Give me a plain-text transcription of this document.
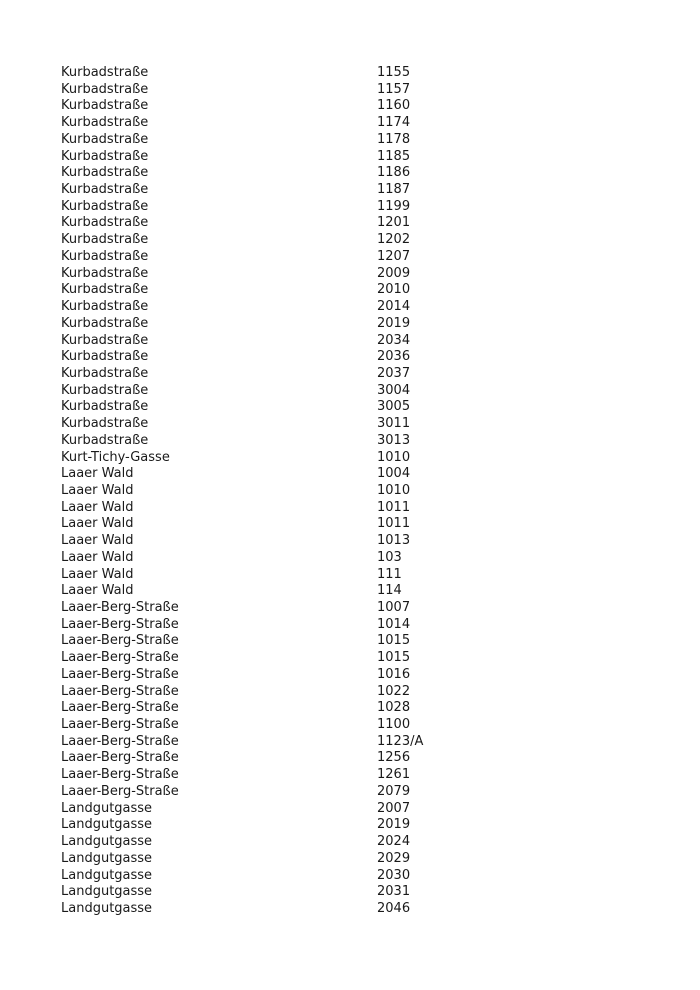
Kurbadstraße	1155
Kurbadstraße	1157
Kurbadstraße	1160
Kurbadstraße	1174
Kurbadstraße	1178
Kurbadstraße	1185
Kurbadstraße	1186
Kurbadstraße	1187
Kurbadstraße	1199
Kurbadstraße	1201
Kurbadstraße	1202
Kurbadstraße	1207
Kurbadstraße	2009
Kurbadstraße	2010
Kurbadstraße	2014
Kurbadstraße	2019
Kurbadstraße	2034
Kurbadstraße	2036
Kurbadstraße	2037
Kurbadstraße	3004
Kurbadstraße	3005
Kurbadstraße	3011
Kurbadstraße	3013
Kurt-Tichy-Gasse	1010
Laaer Wald	1004
Laaer Wald	1010
Laaer Wald	1011
Laaer Wald	1011
Laaer Wald	1013
Laaer Wald	103
Laaer Wald	111
Laaer Wald	114
Laaer-Berg-Straße	1007
Laaer-Berg-Straße	1014
Laaer-Berg-Straße	1015
Laaer-Berg-Straße	1015
Laaer-Berg-Straße	1016
Laaer-Berg-Straße	1022
Laaer-Berg-Straße	1028
Laaer-Berg-Straße	1100
Laaer-Berg-Straße	1123/A
Laaer-Berg-Straße	1256
Laaer-Berg-Straße	1261
Laaer-Berg-Straße	2079
Landgutgasse	2007
Landgutgasse	2019
Landgutgasse	2024
Landgutgasse	2029
Landgutgasse	2030
Landgutgasse	2031
Landgutgasse	2046
